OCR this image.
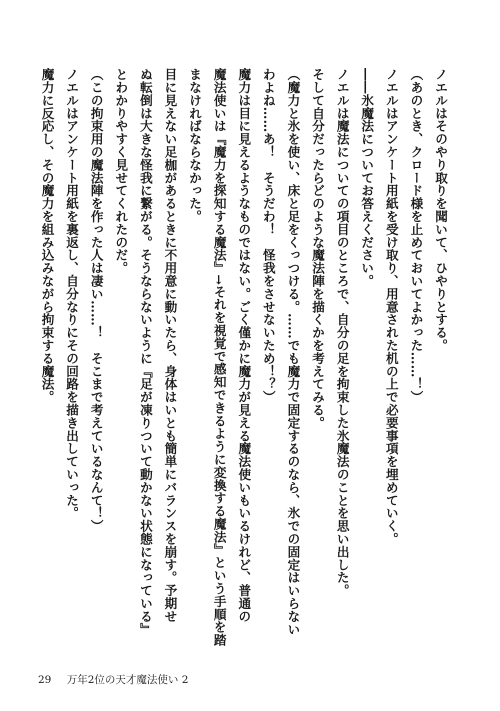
ノエルはそのやり取りを聞いて、ひやりとする。
（あのとき、クロード様を止めておいてよかった……！）
ノエルはアンケート用紙を受け取り、用意された机の上で必要事項を埋めていく。
――氷魔法についてお答えください。
ノエルは魔法についての項目のところで、自分の足を拘束した氷魔法のことを思い出した。
そして自分だったらどのような魔法陣を描くかを考えてみる。
（魔力と氷を使い、床と足をくっつける。……でも魔力で固定するのなら、氷での固定はいらない
わよね……あ！　そうだわ！　怪我をさせないため！？）
魔力は目に見えるようなものではない。ごく僅かに魔力が見える魔法使いもいるけれど、普通の
魔法使いは『魔力を探知する魔法』→それを視覚で感知できるように変換する魔法』という手順を踏
まなければならなかった。
目に見えない足枷があるときに不用意に動いたら、身体はいとも簡単にバランスを崩す。予期せ
ぬ転倒は大きな怪我に繋がる。そうならないように『足が凍りついて動かない状態になっている』
とわかりやすく見せてくれたのだ。
（この拘束用の魔法陣を作った人は凄い……！　そこまで考えているなんて！）
ノエルはアンケート用紙を裏返し、自分なりにその回路を描き出していった。
魔力に反応し、その魔力を組み込みながら拘束する魔法。
29 万年2位の天才魔法使い 2
